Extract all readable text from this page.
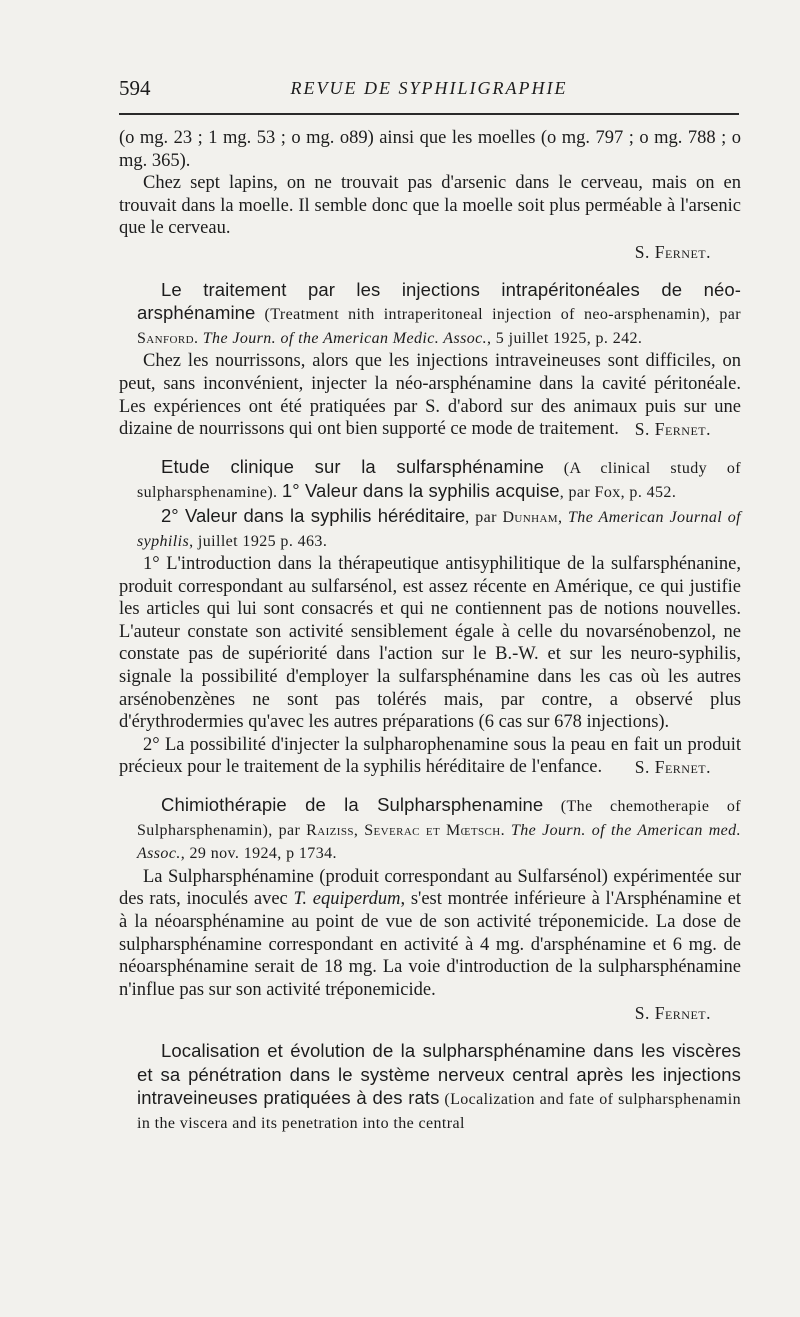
594	REVUE DE SYPHILIGRAPHIE

(o mg. 23 ; 1 mg. 53 ; o mg. o89) ainsi que les moelles (o mg. 797 ; o mg. 788 ; o mg. 365).

Chez sept lapins, on ne trouvait pas d'arsenic dans le cerveau, mais on en trouvait dans la moelle. Il semble donc que la moelle soit plus perméable à l'arsenic que le cerveau.

S. Fernet.

Le traitement par les injections intrapéritonéales de néo-arsphénamine (Treatment nith intraperitoneal injection of neo-arsphenamin), par Sanford. The Journ. of the American Medic. Assoc., 5 juillet 1925, p. 242.

Chez les nourrissons, alors que les injections intraveineuses sont difficiles, on peut, sans inconvénient, injecter la néo-arsphénamine dans la cavité péritonéale. Les expériences ont été pratiquées par S. d'abord sur des animaux puis sur une dizaine de nourrissons qui ont bien supporté ce mode de traitement. S. Fernet.

Etude clinique sur la sulfarsphénamine (A clinical study of sulpharsphenamine). 1° Valeur dans la syphilis acquise, par Fox, p. 452.

2° Valeur dans la syphilis héréditaire, par Dunham, The American Journal of syphilis, juillet 1925 p. 463.

1° L'introduction dans la thérapeutique antisyphilitique de la sulfarsphénanine, produit correspondant au sulfarsénol, est assez récente en Amérique, ce qui justifie les articles qui lui sont consacrés et qui ne contiennent pas de notions nouvelles. L'auteur constate son activité sensiblement égale à celle du novarsénobenzol, ne constate pas de supériorité dans l'action sur le B.-W. et sur les neuro-syphilis, signale la possibilité d'employer la sulfarsphénamine dans les cas où les autres arsénobenzènes ne sont pas tolérés mais, par contre, a observé plus d'érythrodermies qu'avec les autres préparations (6 cas sur 678 injections).

2° La possibilité d'injecter la sulpharophenamine sous la peau en fait un produit précieux pour le traitement de la syphilis héréditaire de l'enfance.	S. Fernet.

Chimiothérapie de la Sulpharsphenamine (The chemotherapie of Sulpharsphenamin), par Raiziss, Severac et Mœtsch. The Journ. of the American med. Assoc., 29 nov. 1924, p 1734.

La Sulpharsphénamine (produit correspondant au Sulfarsénol) expérimentée sur des rats, inoculés avec T. equiperdum, s'est montrée inférieure à l'Arsphénamine et à la néoarsphénamine au point de vue de son activité tréponemicide. La dose de sulpharsphénamine correspondant en activité à 4 mg. d'arsphénamine et 6 mg. de néoarsphénamine serait de 18 mg. La voie d'introduction de la sulpharsphénamine n'influe pas sur son activité tréponemicide.

S. Fernet.

Localisation et évolution de la sulpharsphénamine dans les viscères et sa pénétration dans le système nerveux central après les injections intraveineuses pratiquées à des rats (Localization and fate of sulpharsphenamin in the viscera and its penetration into the central
